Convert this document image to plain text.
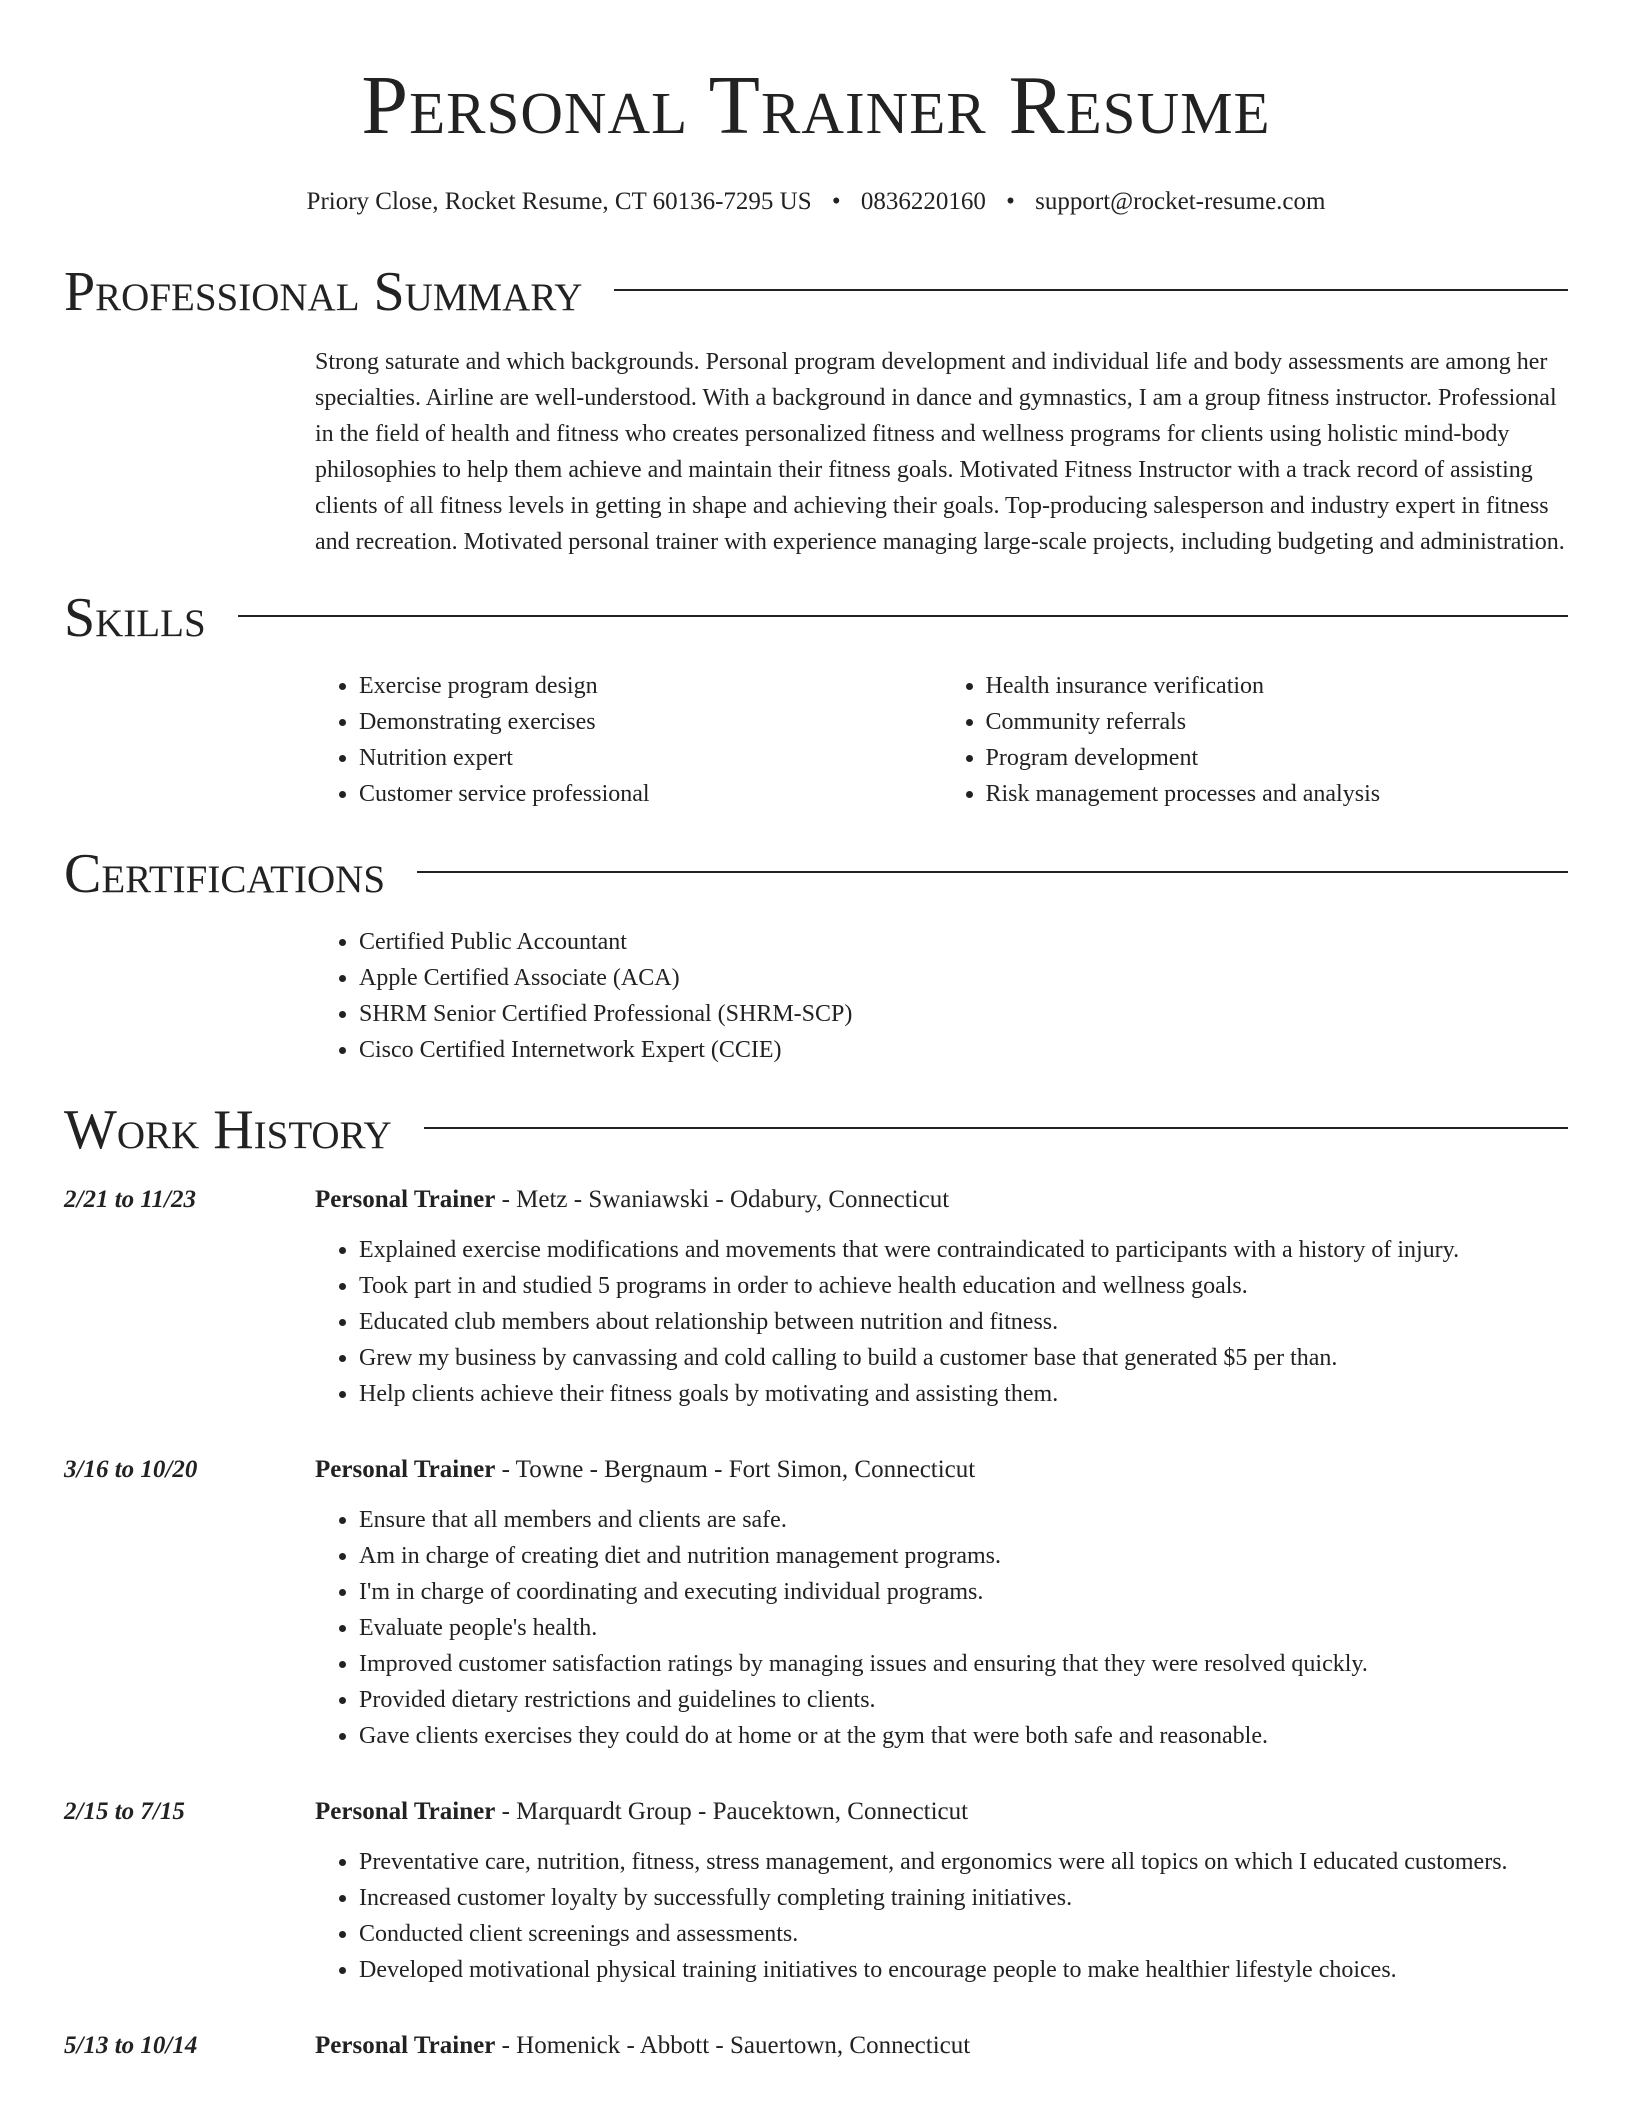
Personal Trainer Resume
Priory Close, Rocket Resume, CT 60136-7295 US • 0836220160 • support@rocket-resume.com
Professional Summary

Strong saturate and which backgrounds. Personal program development and individual life and body assessments are among her specialties. Airline are well-understood. With a background in dance and gymnastics, I am a group fitness instructor. Professional in the field of health and fitness who creates personalized fitness and wellness programs for clients using holistic mind-body philosophies to help them achieve and maintain their fitness goals. Motivated Fitness Instructor with a track record of assisting clients of all fitness levels in getting in shape and achieving their goals. Top-producing salesperson and industry expert in fitness and recreation. Motivated personal trainer with experience managing large-scale projects, including budgeting and administration.

Skills
• Exercise program design
• Demonstrating exercises
• Nutrition expert
• Customer service professional
• Health insurance verification
• Community referrals
• Program development
• Risk management processes and analysis
Certifications
• Certified Public Accountant
• Apple Certified Associate (ACA)
• SHRM Senior Certified Professional (SHRM-SCP)
• Cisco Certified Internetwork Expert (CCIE)
Work History
2/21 to 11/23	Personal Trainer - Metz - Swaniawski - Odabury, Connecticut
• Explained exercise modifications and movements that were contraindicated to participants with a history of injury.
• Took part in and studied 5 programs in order to achieve health education and wellness goals.
• Educated club members about relationship between nutrition and fitness.
• Grew my business by canvassing and cold calling to build a customer base that generated $5 per than.
• Help clients achieve their fitness goals by motivating and assisting them.
3/16 to 10/20	Personal Trainer - Towne - Bergnaum - Fort Simon, Connecticut
• Ensure that all members and clients are safe.
• Am in charge of creating diet and nutrition management programs.
• I'm in charge of coordinating and executing individual programs.
• Evaluate people's health.
• Improved customer satisfaction ratings by managing issues and ensuring that they were resolved quickly.
• Provided dietary restrictions and guidelines to clients.
• Gave clients exercises they could do at home or at the gym that were both safe and reasonable.
2/15 to 7/15	Personal Trainer - Marquardt Group - Paucektown, Connecticut
• Preventative care, nutrition, fitness, stress management, and ergonomics were all topics on which I educated customers.
• Increased customer loyalty by successfully completing training initiatives.
• Conducted client screenings and assessments.
• Developed motivational physical training initiatives to encourage people to make healthier lifestyle choices.
5/13 to 10/14	Personal Trainer - Homenick - Abbott - Sauertown, Connecticut
